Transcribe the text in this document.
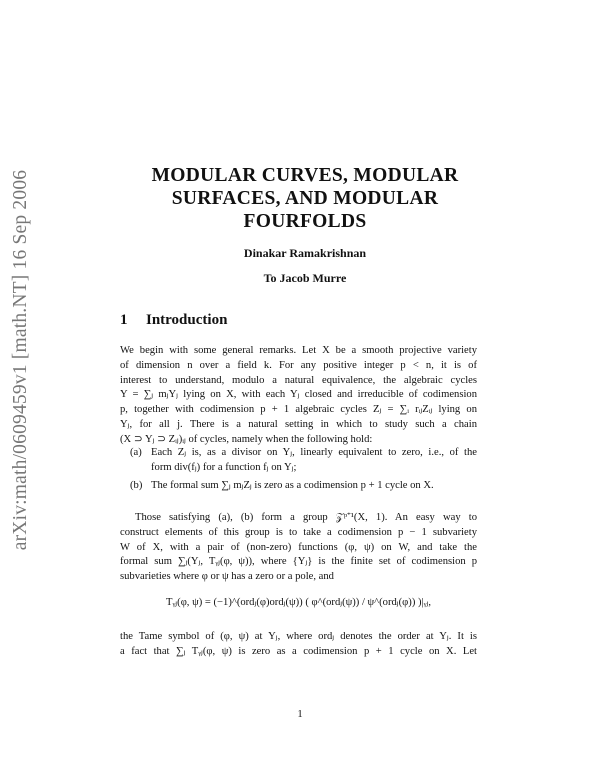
arXiv:math/0609459v1 [math.NT] 16 Sep 2006	MODULAR CURVES, MODULAR
SURFACES, AND MODULAR
FOURFOLDS
Dinakar Ramakrishnan
To Jacob Murre
1 Introduction

We begin with some general remarks. Let X be a smooth projective variety
of dimension n over a field k. For any positive integer p < n, it is of
interest to understand, modulo a natural equivalence, the algebraic cycles
Y = ∑ⱼ mⱼYⱼ lying on X, with each Yⱼ closed and irreducible of codimension
p, together with codimension p + 1 algebraic cycles Zⱼ = ∑ᵢ rᵢⱼZᵢⱼ lying on
Yⱼ, for all j. There is a natural setting in which to study such a chain
(X ⊃ Yⱼ ⊃ Zᵢⱼ)ᵢⱼ of cycles, namely when the following hold:

(a) Each Zⱼ is, as a divisor on Yⱼ, linearly equivalent to zero, i.e., of the
form div(fⱼ) for a function fⱼ on Yⱼ;
(b) The formal sum ∑ⱼ mⱼZⱼ is zero as a codimension p + 1 cycle on X.

Those satisfying (a), (b) form a group 𝒵ᵖ⁺¹(X, 1). An easy way to
construct elements of this group is to take a codimension p − 1 subvariety
W of X, with a pair of (non-zero) functions (φ, ψ) on W, and take the
formal sum ∑ⱼ(Yⱼ, Tᵧⱼ(φ, ψ)), where {Yⱼ} is the finite set of codimension p
subvarieties where φ or ψ has a zero or a pole, and

Tᵧⱼ(φ, ψ) = (−1)^(ordⱼ(φ)ordⱼ(ψ)) ( φ^(ordⱼ(ψ)) / ψ^(ordⱼ(φ)) )|ᵧⱼ,

the Tame symbol of (φ, ψ) at Yⱼ, where ordⱼ denotes the order at Yⱼ. It is
a fact that ∑ⱼ Tᵧⱼ(φ, ψ) is zero as a codimension p + 1 cycle on X. Let

1
